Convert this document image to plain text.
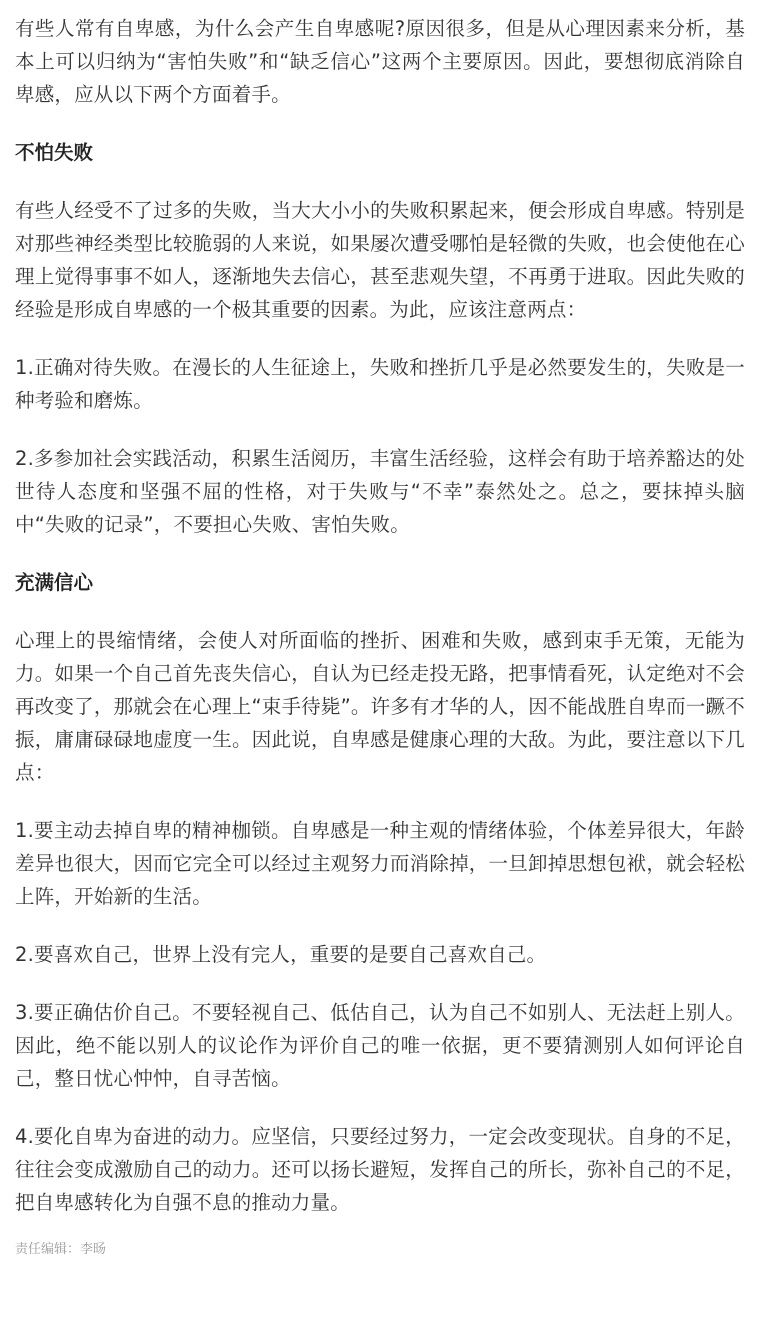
有些人常有自卑感，为什么会产生自卑感呢?原因很多，但是从心理因素来分析，基本上可以归纳为“害怕失败”和“缺乏信心”这两个主要原因。因此，要想彻底消除自卑感，应从以下两个方面着手。

不怕失败

有些人经受不了过多的失败，当大大小小的失败积累起来，便会形成自卑感。特别是对那些神经类型比较脆弱的人来说，如果屡次遭受哪怕是轻微的失败，也会使他在心理上觉得事事不如人，逐渐地失去信心，甚至悲观失望，不再勇于进取。因此失败的经验是形成自卑感的一个极其重要的因素。为此，应该注意两点：

1.正确对待失败。在漫长的人生征途上，失败和挫折几乎是必然要发生的，失败是一种考验和磨炼。

2.多参加社会实践活动，积累生活阅历，丰富生活经验，这样会有助于培养豁达的处世待人态度和坚强不屈的性格，对于失败与“不幸”泰然处之。总之，要抹掉头脑中“失败的记录”，不要担心失败、害怕失败。

充满信心

心理上的畏缩情绪，会使人对所面临的挫折、困难和失败，感到束手无策，无能为力。如果一个自己首先丧失信心，自认为已经走投无路，把事情看死，认定绝对不会再改变了，那就会在心理上“束手待毙”。许多有才华的人，因不能战胜自卑而一蹶不振，庸庸碌碌地虚度一生。因此说，自卑感是健康心理的大敌。为此，要注意以下几点：

1.要主动去掉自卑的精神枷锁。自卑感是一种主观的情绪体验，个体差异很大，年龄差异也很大，因而它完全可以经过主观努力而消除掉，一旦卸掉思想包袱，就会轻松上阵，开始新的生活。

2.要喜欢自己，世界上没有完人，重要的是要自己喜欢自己。

3.要正确估价自己。不要轻视自己、低估自己，认为自己不如别人、无法赶上别人。因此，绝不能以别人的议论作为评价自己的唯一依据，更不要猜测别人如何评论自己，整日忧心忡忡，自寻苦恼。

4.要化自卑为奋进的动力。应坚信，只要经过努力，一定会改变现状。自身的不足，往往会变成激励自己的动力。还可以扬长避短，发挥自己的所长，弥补自己的不足，把自卑感转化为自强不息的推动力量。

责任编辑：李旸
